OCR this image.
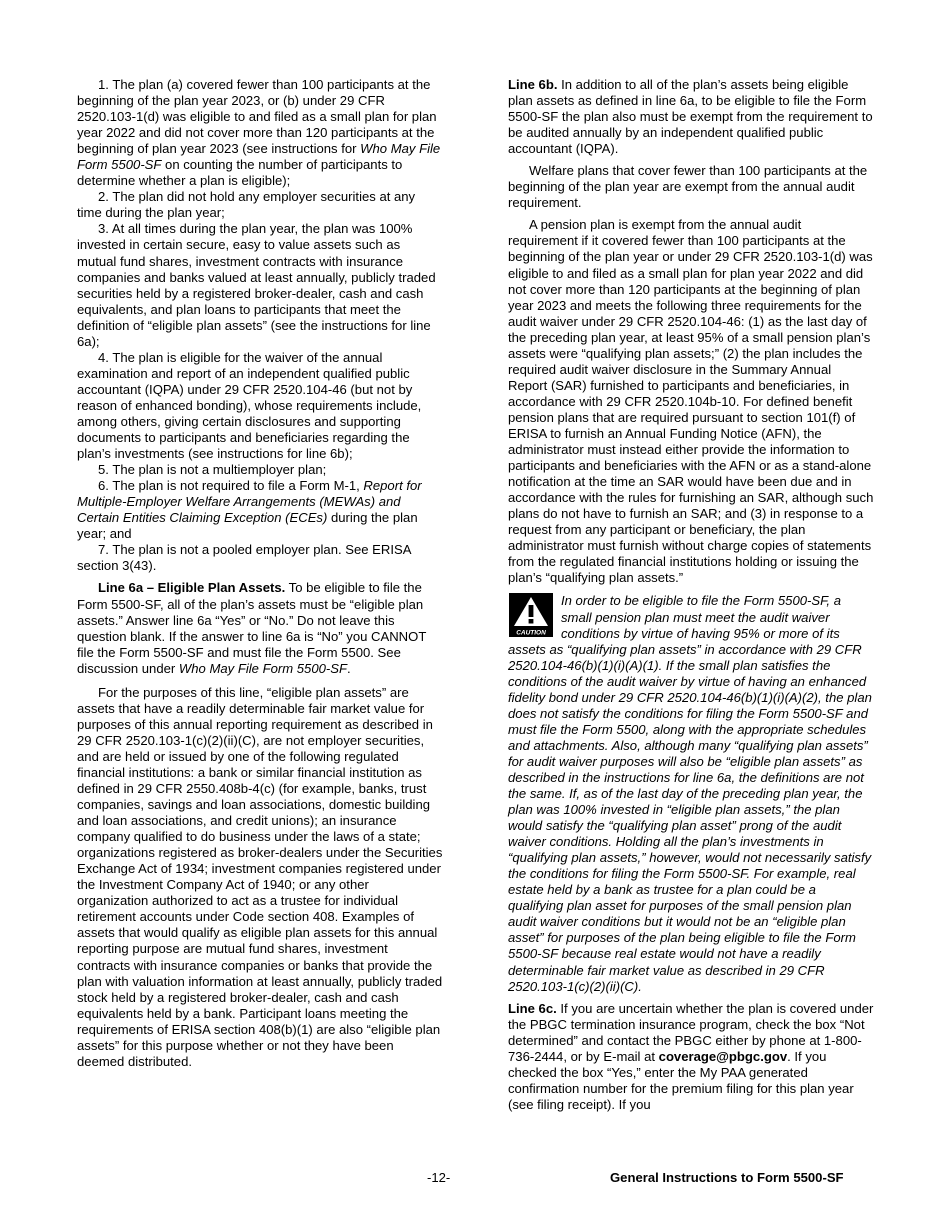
1. The plan (a) covered fewer than 100 participants at the beginning of the plan year 2023, or (b) under 29 CFR 2520.103-1(d) was eligible to and filed as a small plan for plan year 2022 and did not cover more than 120 participants at the beginning of plan year 2023 (see instructions for Who May File Form 5500-SF on counting the number of participants to determine whether a plan is eligible);

2. The plan did not hold any employer securities at any time during the plan year;

3. At all times during the plan year, the plan was 100% invested in certain secure, easy to value assets such as mutual fund shares, investment contracts with insurance companies and banks valued at least annually, publicly traded securities held by a registered broker-dealer, cash and cash equivalents, and plan loans to participants that meet the definition of “eligible plan assets” (see the instructions for line 6a);

4. The plan is eligible for the waiver of the annual examination and report of an independent qualified public accountant (IQPA) under 29 CFR 2520.104-46 (but not by reason of enhanced bonding), whose requirements include, among others, giving certain disclosures and supporting documents to participants and beneficiaries regarding the plan’s investments (see instructions for line 6b);

5. The plan is not a multiemployer plan;

6. The plan is not required to file a Form M-1, Report for Multiple-Employer Welfare Arrangements (MEWAs) and Certain Entities Claiming Exception (ECEs) during the plan year; and

7. The plan is not a pooled employer plan. See ERISA section 3(43).

Line 6a – Eligible Plan Assets. To be eligible to file the Form 5500-SF, all of the plan’s assets must be “eligible plan assets.” Answer line 6a “Yes” or “No.” Do not leave this question blank. If the answer to line 6a is “No” you CANNOT file the Form 5500-SF and must file the Form 5500. See discussion under Who May File Form 5500-SF.

For the purposes of this line, “eligible plan assets” are assets that have a readily determinable fair market value for purposes of this annual reporting requirement as described in 29 CFR 2520.103-1(c)(2)(ii)(C), are not employer securities, and are held or issued by one of the following regulated financial institutions: a bank or similar financial institution as defined in 29 CFR 2550.408b-4(c) (for example, banks, trust companies, savings and loan associations, domestic building and loan associations, and credit unions); an insurance company qualified to do business under the laws of a state; organizations registered as broker-dealers under the Securities Exchange Act of 1934; investment companies registered under the Investment Company Act of 1940; or any other organization authorized to act as a trustee for individual retirement accounts under Code section 408. Examples of assets that would qualify as eligible plan assets for this annual reporting purpose are mutual fund shares, investment contracts with insurance companies or banks that provide the plan with valuation information at least annually, publicly traded stock held by a registered broker-dealer, cash and cash equivalents held by a bank. Participant loans meeting the requirements of ERISA section 408(b)(1) are also “eligible plan assets” for this purpose whether or not they have been deemed distributed.

Line 6b. In addition to all of the plan’s assets being eligible plan assets as defined in line 6a, to be eligible to file the Form 5500-SF the plan also must be exempt from the requirement to be audited annually by an independent qualified public accountant (IQPA).

Welfare plans that cover fewer than 100 participants at the beginning of the plan year are exempt from the annual audit requirement.

A pension plan is exempt from the annual audit requirement if it covered fewer than 100 participants at the beginning of the plan year or under 29 CFR 2520.103-1(d) was eligible to and filed as a small plan for plan year 2022 and did not cover more than 120 participants at the beginning of plan year 2023 and meets the following three requirements for the audit waiver under 29 CFR 2520.104-46: (1) as the last day of the preceding plan year, at least 95% of a small pension plan’s assets were “qualifying plan assets;” (2) the plan includes the required audit waiver disclosure in the Summary Annual Report (SAR) furnished to participants and beneficiaries, in accordance with 29 CFR 2520.104b-10. For defined benefit pension plans that are required pursuant to section 101(f) of ERISA to furnish an Annual Funding Notice (AFN), the administrator must instead either provide the information to participants and beneficiaries with the AFN or as a stand-alone notification at the time an SAR would have been due and in accordance with the rules for furnishing an SAR, although such plans do not have to furnish an SAR; and (3) in response to a request from any participant or beneficiary, the plan administrator must furnish without charge copies of statements from the regulated financial institutions holding or issuing the plan’s “qualifying plan assets.”

CAUTION
In order to be eligible to file the Form 5500-SF, a small pension plan must meet the audit waiver conditions by virtue of having 95% or more of its assets as “qualifying plan assets” in accordance with 29 CFR 2520.104-46(b)(1)(i)(A)(1). If the small plan satisfies the conditions of the audit waiver by virtue of having an enhanced fidelity bond under 29 CFR 2520.104-46(b)(1)(i)(A)(2), the plan does not satisfy the conditions for filing the Form 5500-SF and must file the Form 5500, along with the appropriate schedules and attachments. Also, although many “qualifying plan assets” for audit waiver purposes will also be “eligible plan assets” as described in the instructions for line 6a, the definitions are not the same. If, as of the last day of the preceding plan year, the plan was 100% invested in “eligible plan assets,” the plan would satisfy the “qualifying plan asset” prong of the audit waiver conditions. Holding all the plan’s investments in “qualifying plan assets,” however, would not necessarily satisfy the conditions for filing the Form 5500-SF. For example, real estate held by a bank as trustee for a plan could be a qualifying plan asset for purposes of the small pension plan audit waiver conditions but it would not be an “eligible plan asset” for purposes of the plan being eligible to file the Form 5500-SF because real estate would not have a readily determinable fair market value as described in 29 CFR 2520.103-1(c)(2)(ii)(C).

Line 6c. If you are uncertain whether the plan is covered under the PBGC termination insurance program, check the box “Not determined” and contact the PBGC either by phone at 1-800-736-2444, or by E-mail at coverage@pbgc.gov. If you checked the box “Yes,” enter the My PAA generated confirmation number for the premium filing for this plan year (see filing receipt). If you

-12-	General Instructions to Form 5500-SF
